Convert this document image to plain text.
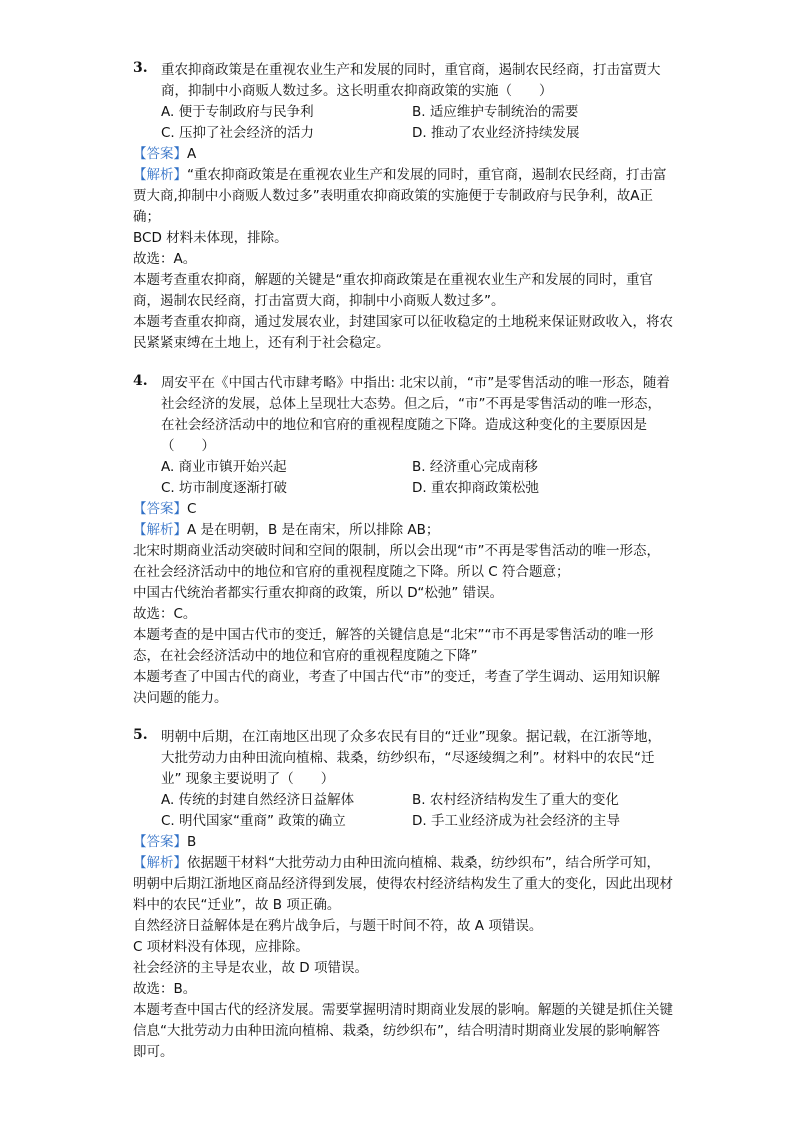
3. 重农抑商政策是在重视农业生产和发展的同时，重官商，遏制农民经商，打击富贾大商，抑制中小商贩人数过多。这长明重农抑商政策的实施（　　）
A. 便于专制政府与民争利	B. 适应维护专制统治的需要
C. 压抑了社会经济的活力	D. 推动了农业经济持续发展
【答案】A
【解析】“重农抑商政策是在重视农业生产和发展的同时，重官商，遏制农民经商，打击富贾大商,抑制中小商贩人数过多”表明重农抑商政策的实施便于专制政府与民争利，故A正确；
BCD 材料未体现，排除。
故选：A。
本题考查重农抑商，解题的关键是“重农抑商政策是在重视农业生产和发展的同时，重官商，遏制农民经商，打击富贾大商，抑制中小商贩人数过多”。
本题考查重农抑商，通过发展农业，封建国家可以征收稳定的土地税来保证财政收入，将农民紧紧束缚在土地上，还有利于社会稳定。
4. 周安平在《中国古代市肆考略》中指出: 北宋以前，“市”是零售活动的唯一形态，随着社会经济的发展，总体上呈现壮大态势。但之后，“市”不再是零售活动的唯一形态，在社会经济活动中的地位和官府的重视程度随之下降。造成这种变化的主要原因是（　　）
A. 商业市镇开始兴起	B. 经济重心完成南移
C. 坊市制度逐渐打破	D. 重农抑商政策松弛
【答案】C
【解析】A 是在明朝，B 是在南宋，所以排除 AB；
北宋时期商业活动突破时间和空间的限制，所以会出现“市”不再是零售活动的唯一形态，在社会经济活动中的地位和官府的重视程度随之下降。所以 C 符合题意；
中国古代统治者都实行重农抑商的政策，所以 D“松弛” 错误。
故选：C。
本题考查的是中国古代市的变迁，解答的关键信息是“北宋”“市不再是零售活动的唯一形态，在社会经济活动中的地位和官府的重视程度随之下降”
本题考查了中国古代的商业，考查了中国古代“市”的变迁，考查了学生调动、运用知识解决问题的能力。
5. 明朝中后期，在江南地区出现了众多农民有目的“迁业”现象。据记载，在江浙等地，大批劳动力由种田流向植棉、栽桑，纺纱织布，“尽逐绫绸之利”。材料中的农民“迁业” 现象主要说明了（　　）
A. 传统的封建自然经济日益解体	B. 农村经济结构发生了重大的变化
C. 明代国家“重商” 政策的确立	D. 手工业经济成为社会经济的主导
【答案】B
【解析】依据题干材料“大批劳动力由种田流向植棉、栽桑，纺纱织布”，结合所学可知，明朝中后期江浙地区商品经济得到发展，使得农村经济结构发生了重大的变化，因此出现材料中的农民“迁业”，故 B 项正确。
自然经济日益解体是在鸦片战争后，与题干时间不符，故 A 项错误。
C 项材料没有体现，应排除。
社会经济的主导是农业，故 D 项错误。
故选：B。
本题考查中国古代的经济发展。需要掌握明清时期商业发展的影响。解题的关键是抓住关键信息“大批劳动力由种田流向植棉、栽桑，纺纱织布”，结合明清时期商业发展的影响解答即可。
